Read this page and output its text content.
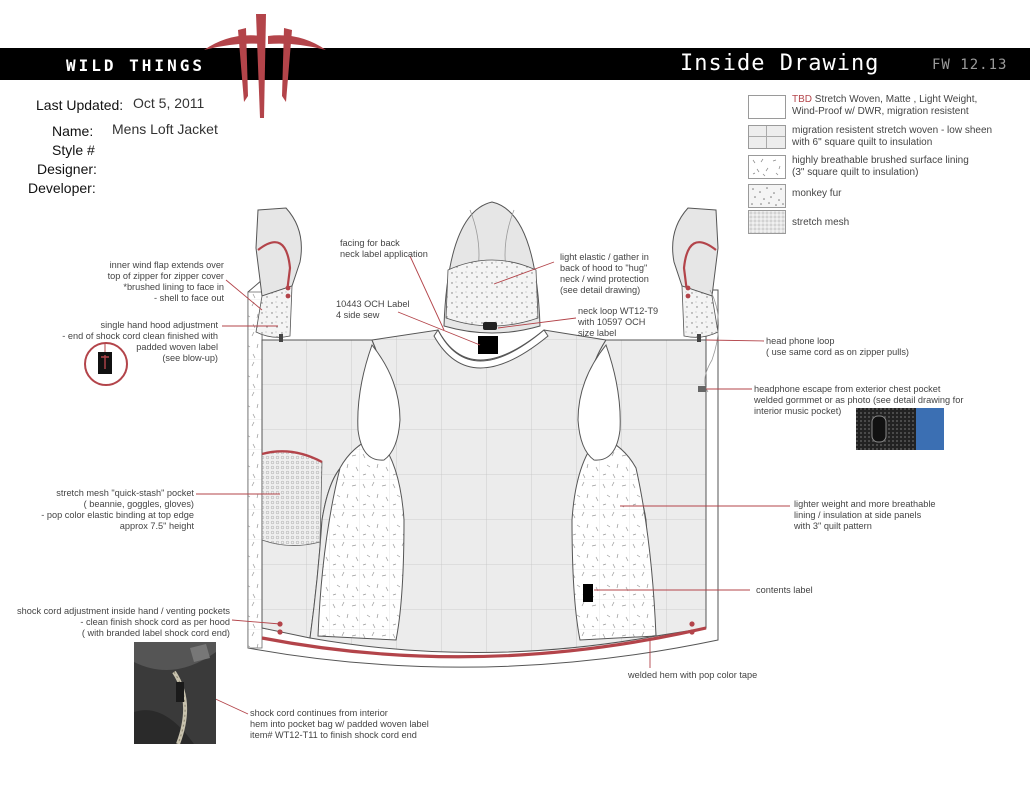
WILD THINGS	Inside Drawing	FW 12.13
Last Updated: Oct 5, 2011
Name: Mens Loft Jacket
Style #
Designer:
Developer:
TBD Stretch Woven, Matte , Light Weight,
Wind-Proof w/ DWR, migration resistent
migration resistent stretch woven - low sheen
with 6" square quilt to insulation
highly breathable brushed surface lining
(3" square quilt to insulation)
monkey fur
stretch mesh
inner wind flap extends over
top of zipper for zipper cover
*brushed lining to face in
- shell to face out
single hand hood adjustment
- end of shock cord clean finished with
padded woven label
(see blow-up)
facing for back
neck label application
10443 OCH Label
4 side sew
light elastic / gather in
back of hood to "hug"
neck / wind protection
(see detail drawing)
neck loop WT12-T9
with 10597 OCH
size label
head phone loop
( use same cord as on zipper pulls)
headphone escape from exterior chest pocket
welded gormmet or as photo (see detail drawing for
interior music pocket)
stretch mesh "quick-stash" pocket
( beannie, goggles, gloves)
- pop color elastic binding at top edge
approx 7.5" height
lighter weight and more breathable
lining / insulation at side panels
with 3" quilt pattern
contents label
shock cord adjustment inside hand / venting pockets
- clean finish shock cord as per hood
( with branded label shock cord end)
welded hem with pop color tape
shock cord continues from interior
hem into pocket bag w/ padded woven label
item# WT12-T11 to finish shock cord end
